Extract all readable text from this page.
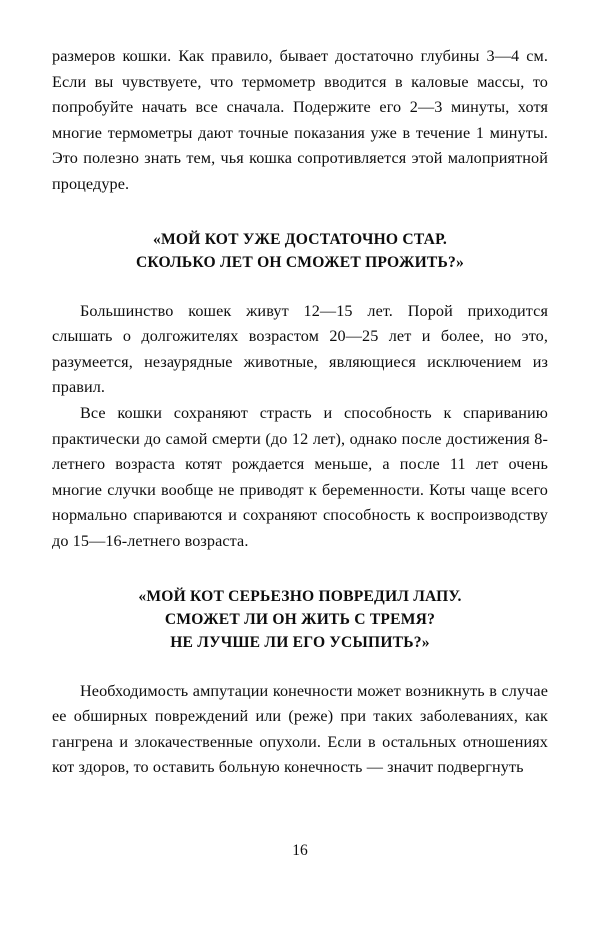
размеров кошки. Как правило, бывает достаточно глубины 3—4 см. Если вы чувствуете, что термометр вводится в каловые массы, то попробуйте начать все сначала. Подержите его 2—3 минуты, хотя многие термометры дают точные показания уже в течение 1 минуты. Это полезно знать тем, чья кошка сопротивляется этой малоприятной процедуре.

«МОЙ КОТ УЖЕ ДОСТАТОЧНО СТАР.
СКОЛЬКО ЛЕТ ОН СМОЖЕТ ПРОЖИТЬ?»

Большинство кошек живут 12—15 лет. Порой приходится слышать о долгожителях возрастом 20—25 лет и более, но это, разумеется, незаурядные животные, являющиеся исключением из правил.

Все кошки сохраняют страсть и способность к спариванию практически до самой смерти (до 12 лет), однако после достижения 8-летнего возраста котят рождается меньше, а после 11 лет очень многие случки вообще не приводят к беременности. Коты чаще всего нормально спариваются и сохраняют способность к воспроизводству до 15—16-летнего возраста.

«МОЙ КОТ СЕРЬЕЗНО ПОВРЕДИЛ ЛАПУ.
СМОЖЕТ ЛИ ОН ЖИТЬ С ТРЕМЯ?
НЕ ЛУЧШЕ ЛИ ЕГО УСЫПИТЬ?»

Необходимость ампутации конечности может возникнуть в случае ее обширных повреждений или (реже) при таких заболеваниях, как гангрена и злокачественные опухоли. Если в остальных отношениях кот здоров, то оставить больную конечность — значит подвергнуть

16
